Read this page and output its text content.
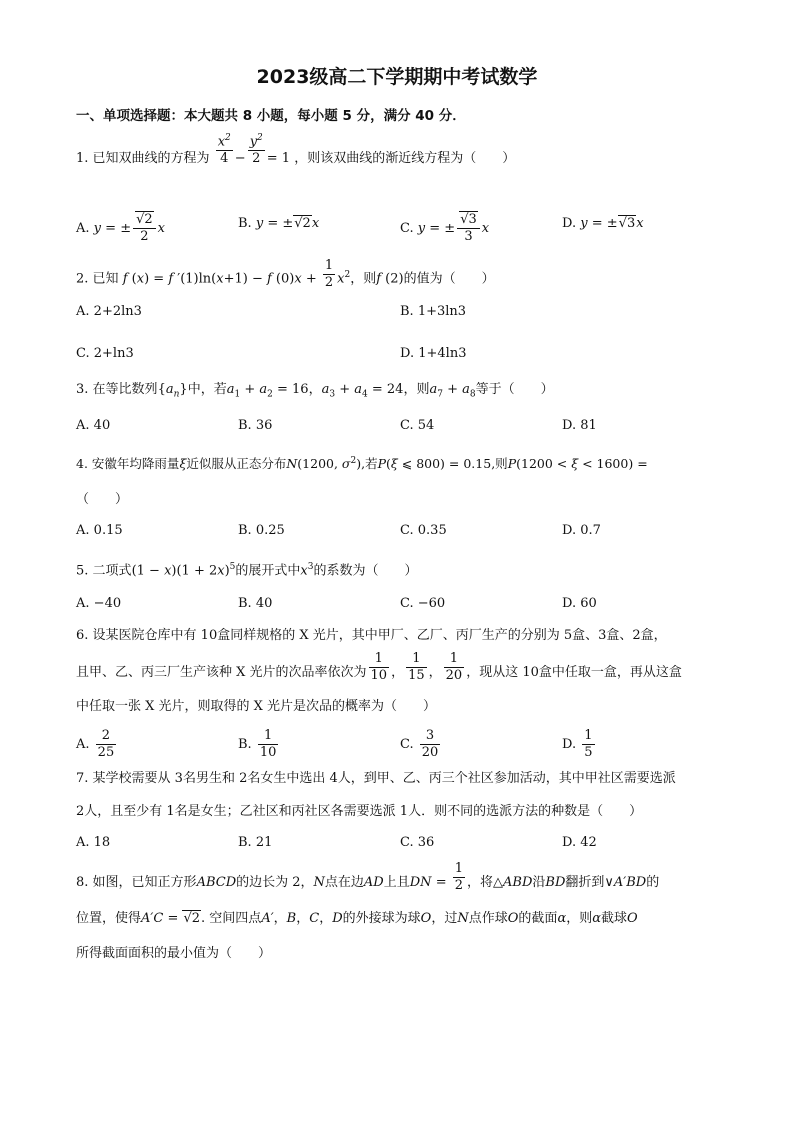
2023级高二下学期期中考试数学
一、单项选择题：本大题共 8 小题，每小题 5 分，满分 40 分．
1. 已知双曲线的方程为 $\frac{x^2}{4} - \frac{y^2}{2} = 1$ ，则该双曲线的渐近线方程为（　　）
A. y = ± $\frac{√2}{2}$ x	B. y = ±√2x	C. y = ± $\frac{√3}{3}$ x	D. y = ±√3x
2. 已知 f (x) = f ′(1)ln(x+1) − f $(0)x + \frac{1}{2} x^2$，则f (2)的值为（　　）
A. 2+2ln3	B. 1+3ln3
C. 2+ln3	D. 1+4ln3
3. 在等比数列$\{a_n\}$中，若$a_1 + a_2 = 16$，$a_3 + a_4 = 24$，则$a_7 + a_8$等于（　　）
A. 40	B. 36	C. 54	D. 81
4. 安徽年均降雨量ξ近似服从正态分布N(1200, $\sigma^2$),若P(ξ ⩽ 800) = 0.15,则P(1200 < ξ < 1600) =
（　　）
A. 0.15	B. 0.25	C. 0.35	D. 0.7
5. 二项式$(1 - x)(1 + 2x)^5$的展开式中$x^3$的系数为（　　）
A. −40	B. 40	C. −60	D. 60
6. 设某医院仓库中有 10盒同样规格的 X 光片，其中甲厂、乙厂、丙厂生产的分别为 5盒、3盒、2盒，
且甲、乙、丙三厂生产该种 X 光片的次品率依次为 $\frac{1}{10}$ ， $\frac{1}{15}$ ， $\frac{1}{20}$ ，现从这 10盒中任取一盒，再从这盒
中任取一张 X 光片，则取得的 X 光片是次品的概率为（　　）
A. $\frac{2}{25}$	B. $\frac{1}{10}$	C. $\frac{3}{20}$	D. $\frac{1}{5}$
7. 某学校需要从 3名男生和 2名女生中选出 4人，到甲、乙、丙三个社区参加活动，其中甲社区需要选派
2人，且至少有 1名是女生；乙社区和丙社区各需要选派 1人．则不同的选派方法的种数是（　　）
A. 18	B. 21	C. 36	D. 42
8. 如图，已知正方形ABCD的边长为 2，N点在边AD上且DN = $\frac{1}{2}$ ，将△ABD沿BD翻折到∨A′BD的
位置，使得A′C = √2. 空间四点A′，B，C，D的外接球为球O，过N点作球O的截面α，则α截球O
所得截面面积的最小值为（　　）
